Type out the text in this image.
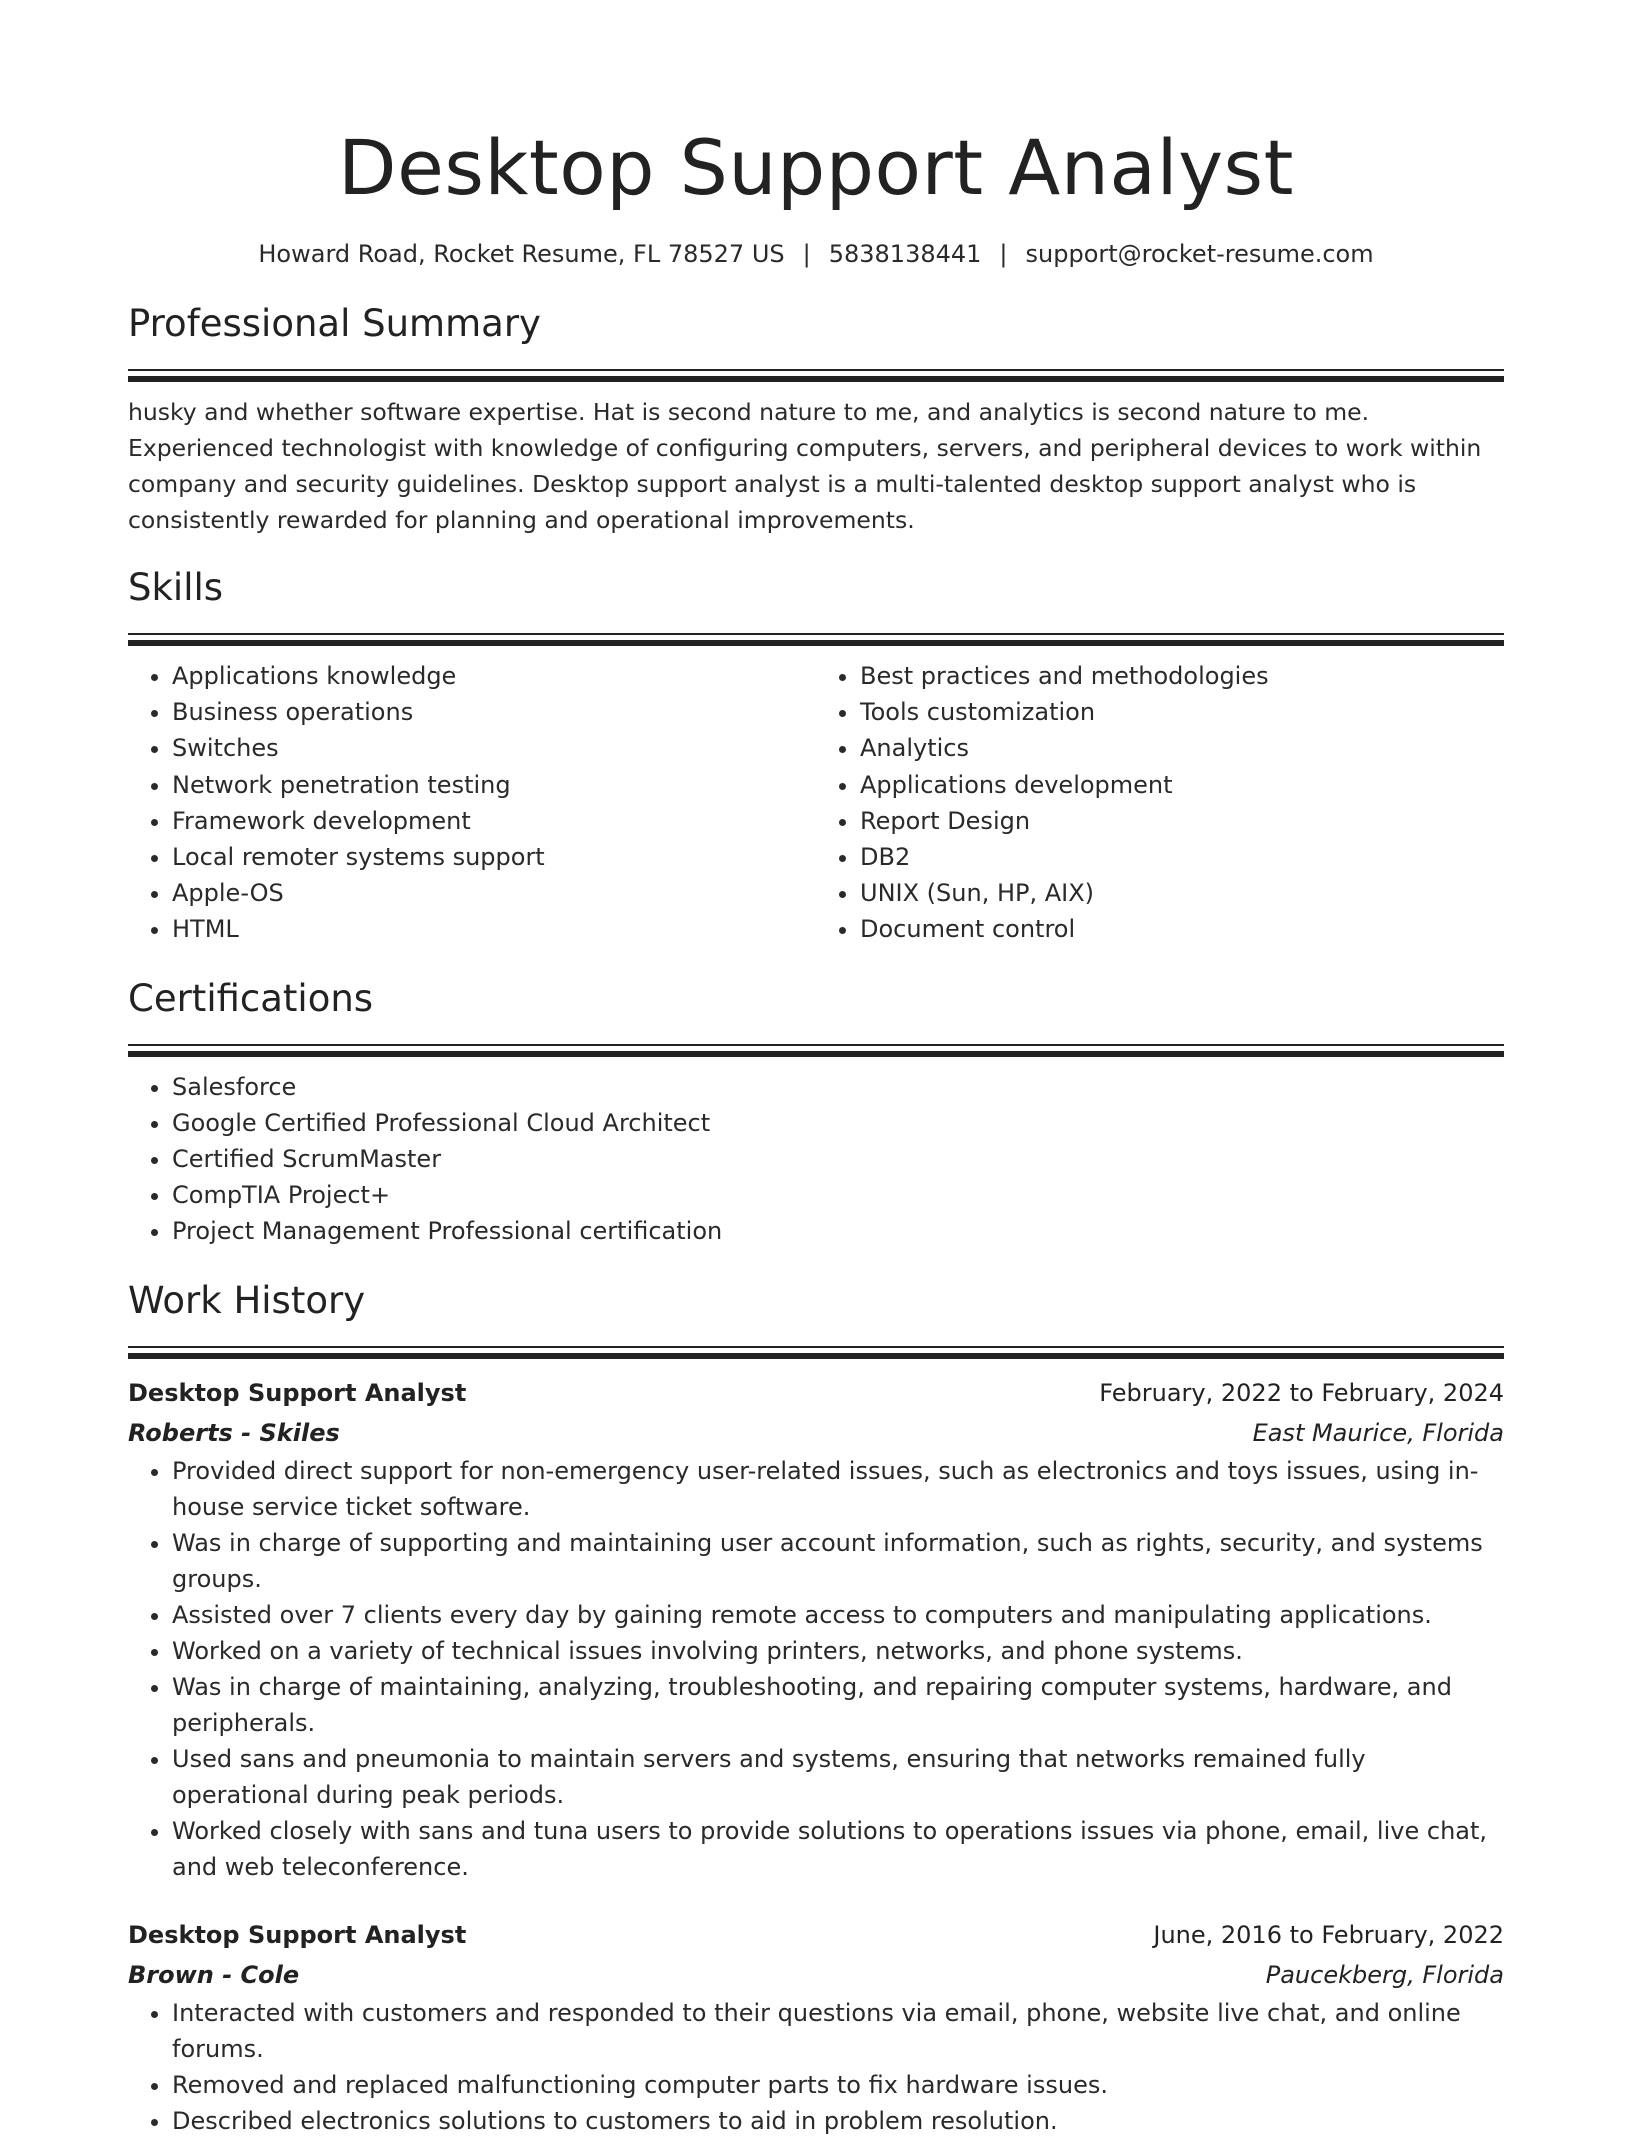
Desktop Support Analyst
Howard Road, Rocket Resume, FL 78527 US | 5838138441 | support@rocket-resume.com
Professional Summary
husky and whether software expertise. Hat is second nature to me, and analytics is second nature to me. Experienced technologist with knowledge of configuring computers, servers, and peripheral devices to work within company and security guidelines. Desktop support analyst is a multi-talented desktop support analyst who is consistently rewarded for planning and operational improvements.
Skills
• Applications knowledge
• Business operations
• Switches
• Network penetration testing
• Framework development
• Local remoter systems support
• Apple-OS
• HTML
• Best practices and methodologies
• Tools customization
• Analytics
• Applications development
• Report Design
• DB2
• UNIX (Sun, HP, AIX)
• Document control
Certifications
• Salesforce
• Google Certified Professional Cloud Architect
• Certified ScrumMaster
• CompTIA Project+
• Project Management Professional certification
Work History
Desktop Support Analyst	February, 2022 to February, 2024
Roberts - Skiles	East Maurice, Florida
• Provided direct support for non-emergency user-related issues, such as electronics and toys issues, using in-house service ticket software.
• Was in charge of supporting and maintaining user account information, such as rights, security, and systems groups.
• Assisted over 7 clients every day by gaining remote access to computers and manipulating applications.
• Worked on a variety of technical issues involving printers, networks, and phone systems.
• Was in charge of maintaining, analyzing, troubleshooting, and repairing computer systems, hardware, and peripherals.
• Used sans and pneumonia to maintain servers and systems, ensuring that networks remained fully operational during peak periods.
• Worked closely with sans and tuna users to provide solutions to operations issues via phone, email, live chat, and web teleconference.
Desktop Support Analyst	June, 2016 to February, 2022
Brown - Cole	Paucekberg, Florida
• Interacted with customers and responded to their questions via email, phone, website live chat, and online forums.
• Removed and replaced malfunctioning computer parts to fix hardware issues.
• Described electronics solutions to customers to aid in problem resolution.
